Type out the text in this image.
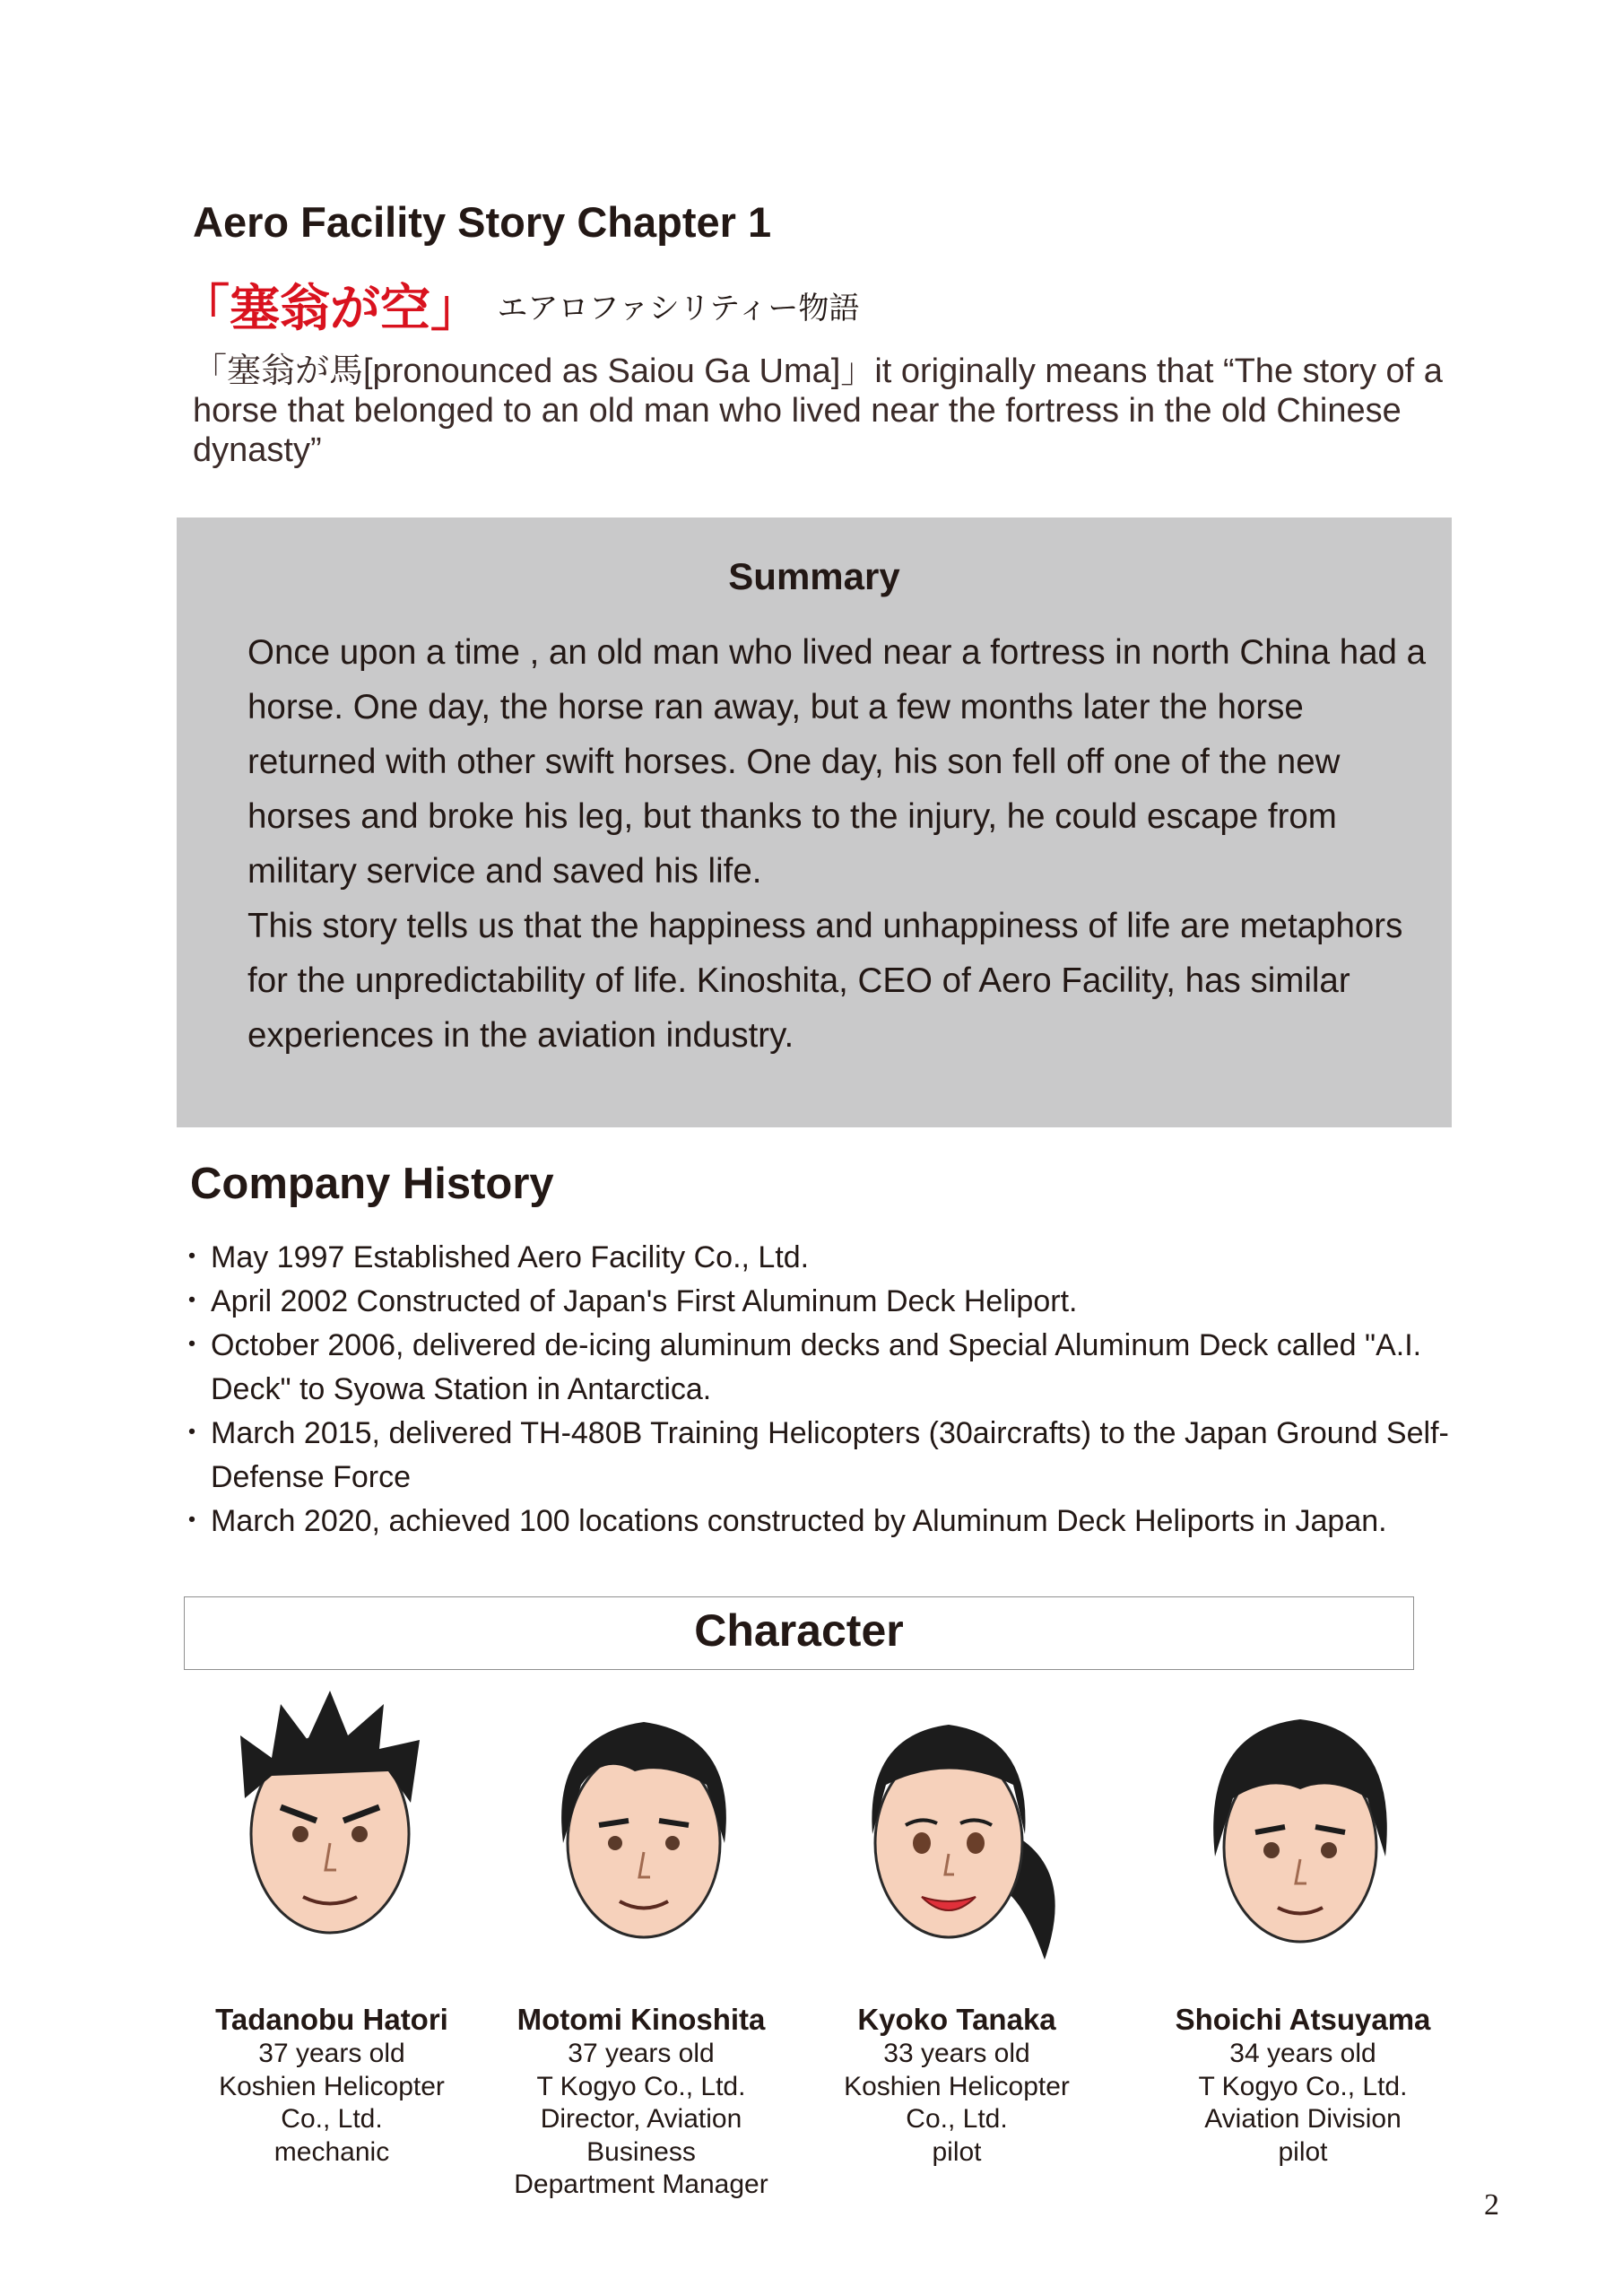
Aero Facility Story Chapter 1
「塞翁が空」 エアロファシリティー物語
「塞翁が馬[pronounced as Saiou Ga Uma]」it originally means that “The story of a horse that belonged to an old man who lived near the fortress in the old Chinese dynasty”
Summary

Once upon a time , an old man who lived near a fortress in north China had a horse. One day, the horse ran away, but a few months later the horse returned with other swift horses. One day, his son fell off one of the new horses and broke his leg, but thanks to the injury, he could escape from military service and saved his life.

This story tells us that the happiness and unhappiness of life are metaphors for the unpredictability of life. Kinoshita, CEO of Aero Facility, has similar experiences in the aviation industry.

Company History
・ May 1997 Established Aero Facility Co., Ltd.
・ April 2002 Constructed of Japan's First Aluminum Deck Heliport.
・ October 2006, delivered de-icing aluminum decks and Special Aluminum Deck called "A.I. Deck" to Syowa Station in Antarctica.
・ March 2015, delivered TH-480B Training Helicopters (30aircrafts) to the Japan Ground Self-Defense Force
・ March 2020, achieved 100 locations constructed by Aluminum Deck Heliports in Japan.
Character
Tadanobu Hatori
37 years old
Koshien Helicopter
Co., Ltd.
mechanic
Motomi Kinoshita
37 years old
T Kogyo Co., Ltd.
Director, Aviation
Business
Department Manager
Kyoko Tanaka
33 years old
Koshien Helicopter
Co., Ltd.
pilot
Shoichi Atsuyama
34 years old
T Kogyo Co., Ltd.
Aviation Division
pilot
2
